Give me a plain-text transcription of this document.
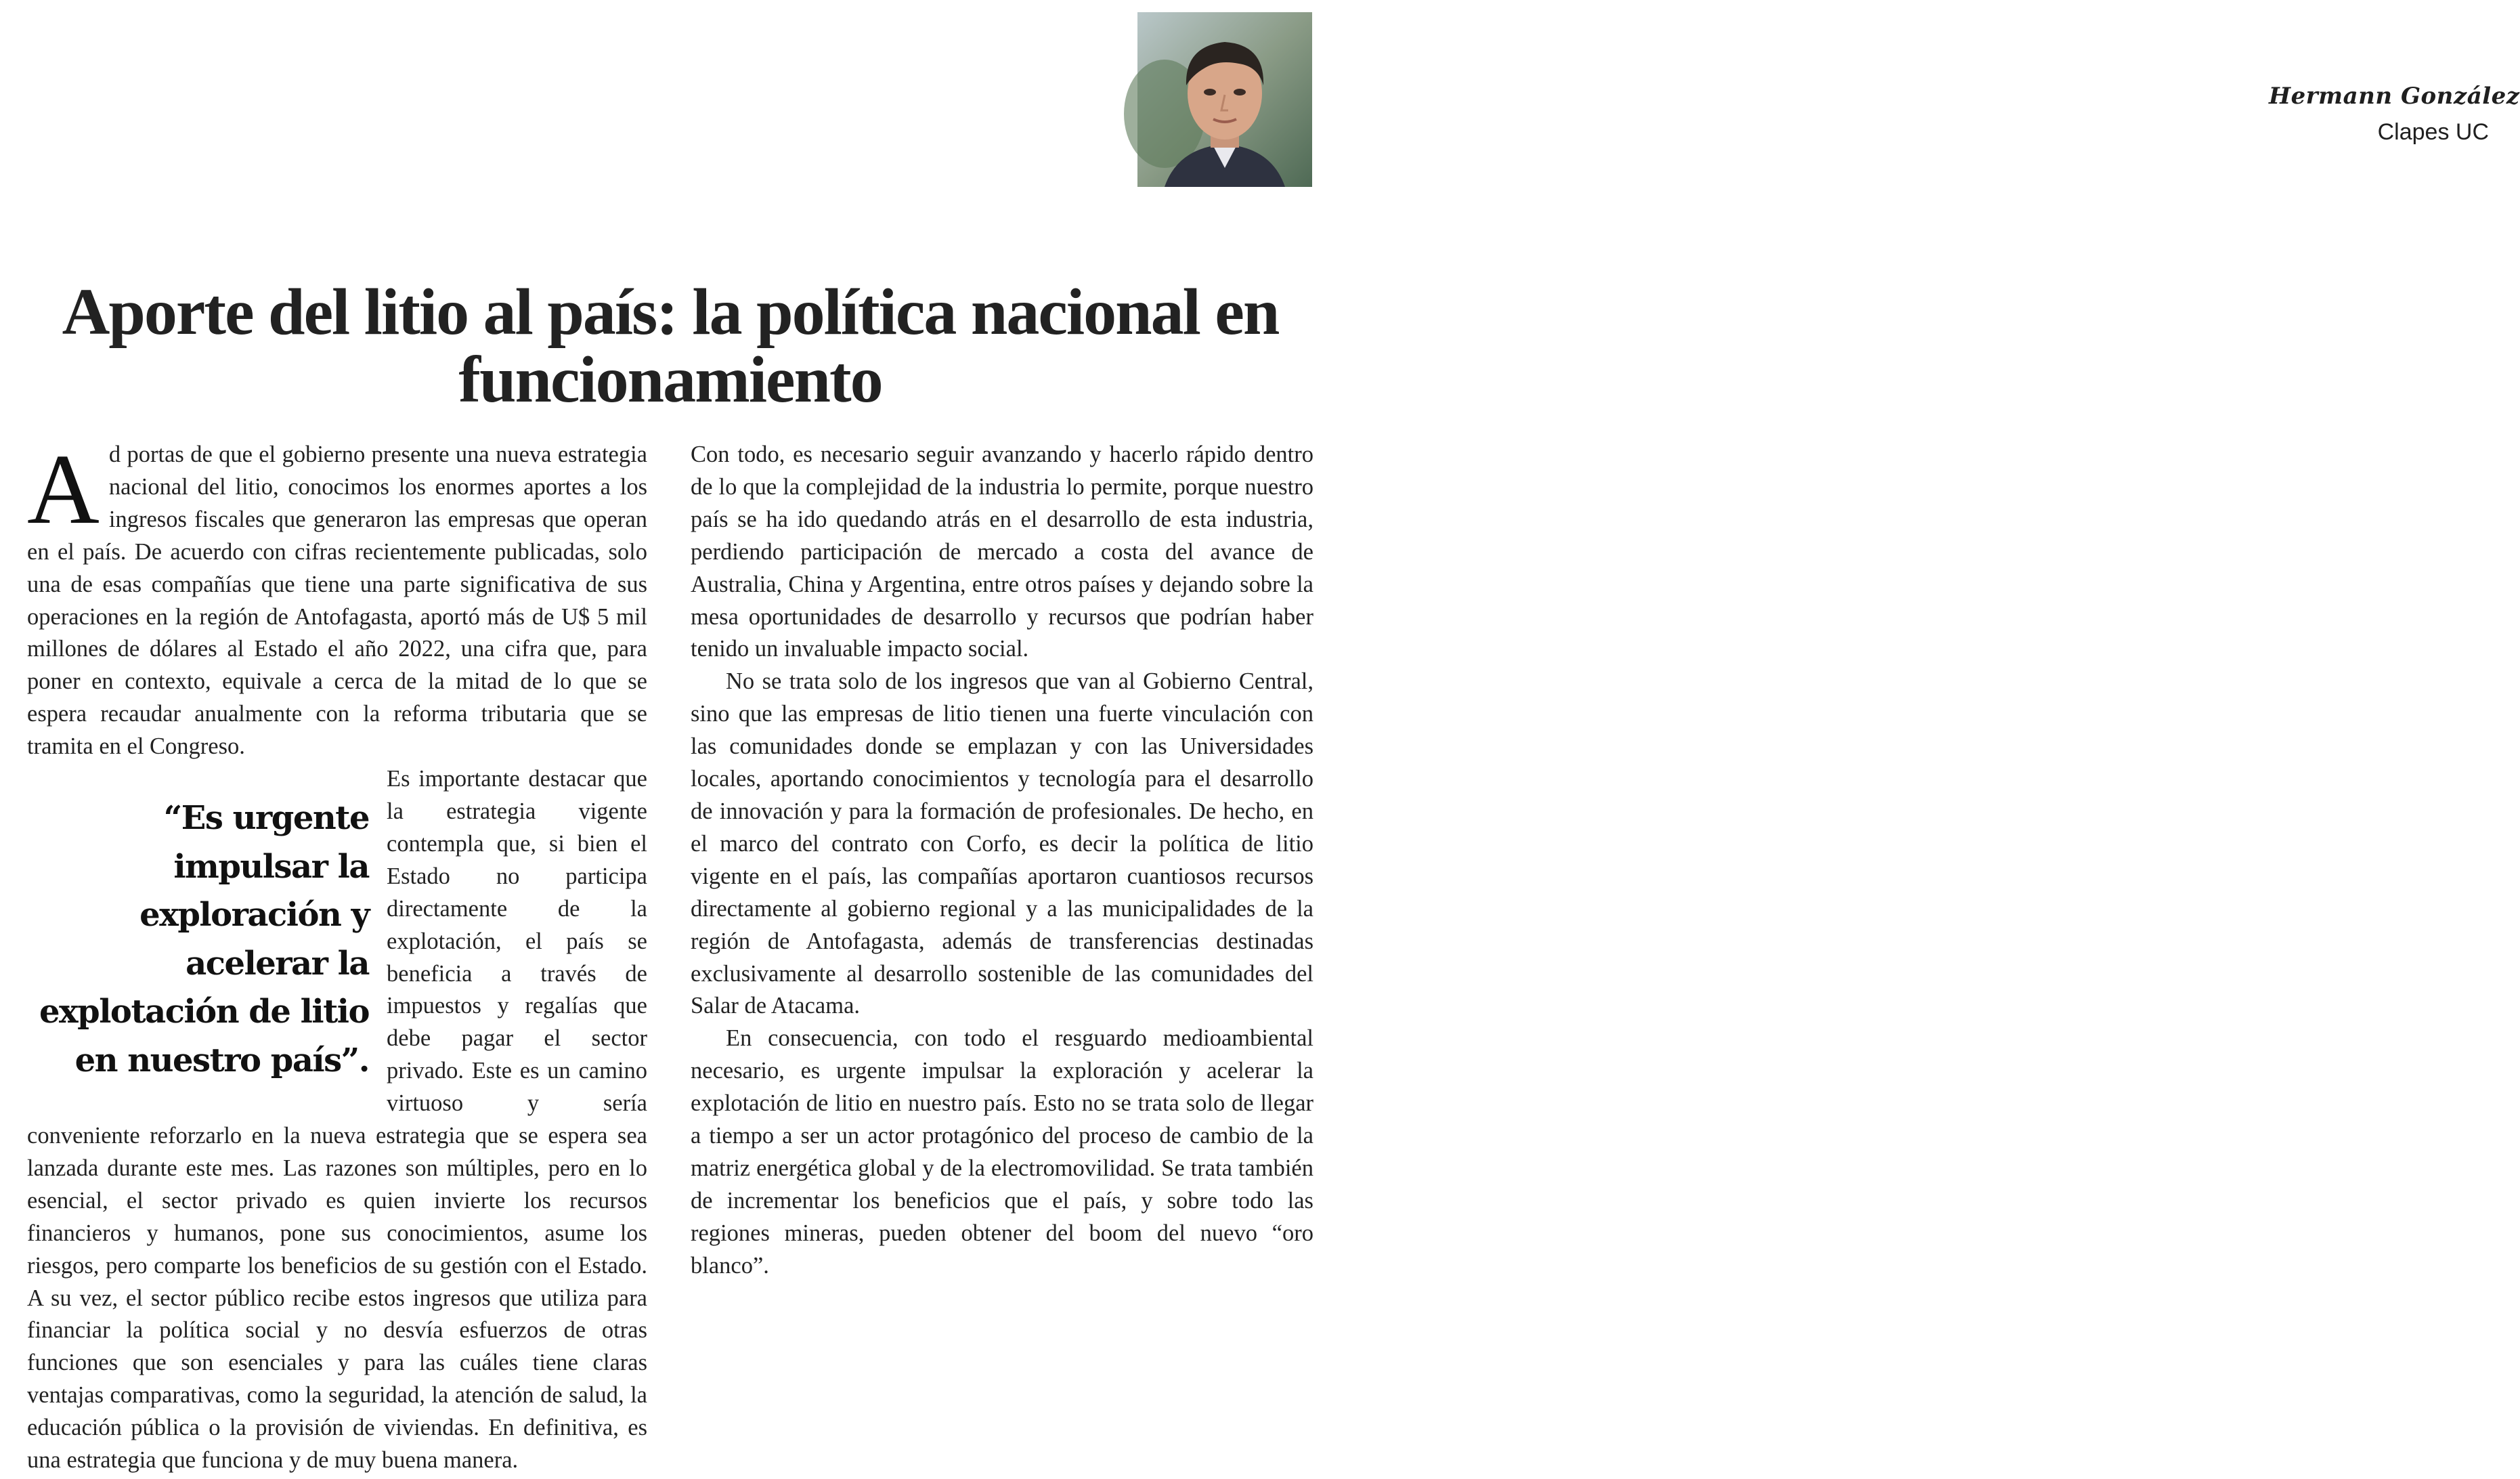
Hermann González
Clapes UC
Aporte del litio al país: la política nacional en funcionamiento

Ad portas de que el gobierno presente una nueva estrategia nacional del litio, conocimos los enormes aportes a los ingresos fiscales que generaron las empresas que operan en el país. De acuerdo con cifras recientemente publicadas, solo una de esas compañías que tiene una parte significativa de sus operaciones en la región de Antofagasta, aportó más de U$ 5 mil millones de dólares al Estado el año 2022, una cifra que, para poner en contexto, equivale a cerca de la mitad de lo que se espera recaudar anualmente con la reforma tributaria que se tramita en el Congreso.

“Es urgente impulsar la exploración y acelerar la explotación de litio en nuestro país”.

Es importante destacar que la estrategia vigente contempla que, si bien el Estado no participa directamente de la explotación, el país se beneficia a través de impuestos y regalías que debe pagar el sector privado. Este es un camino virtuoso y sería conveniente reforzarlo en la nueva estrategia que se espera sea lanzada durante este mes. Las razones son múltiples, pero en lo esencial, el sector privado es quien invierte los recursos financieros y humanos, pone sus conocimientos, asume los riesgos, pero comparte los beneficios de su gestión con el Estado. A su vez, el sector público recibe estos ingresos que utiliza para financiar la política social y no desvía esfuerzos de otras funciones que son esenciales y para las cuáles tiene claras ventajas comparativas, como la seguridad, la atención de salud, la educación pública o la provisión de viviendas. En definitiva, es una estrategia que funciona y de muy buena manera.

Con todo, es necesario seguir avanzando y hacerlo rápido dentro de lo que la complejidad de la industria lo permite, porque nuestro país se ha ido quedando atrás en el desarrollo de esta industria, perdiendo participación de mercado a costa del avance de Australia, China y Argentina, entre otros países y dejando sobre la mesa oportunidades de desarrollo y recursos que podrían haber tenido un invaluable impacto social.

No se trata solo de los ingresos que van al Gobierno Central, sino que las empresas de litio tienen una fuerte vinculación con las comunidades donde se emplazan y con las Universidades locales, aportando conocimientos y tecnología para el desarrollo de innovación y para la formación de profesionales. De hecho, en el marco del contrato con Corfo, es decir la política de litio vigente en el país, las compañías aportaron cuantiosos recursos directamente al gobierno regional y a las municipalidades de la región de Antofagasta, además de transferencias destinadas exclusivamente al desarrollo sostenible de las comunidades del Salar de Atacama.

En consecuencia, con todo el resguardo medioambiental necesario, es urgente impulsar la exploración y acelerar la explotación de litio en nuestro país. Esto no se trata solo de llegar a tiempo a ser un actor protagónico del proceso de cambio de la matriz energética global y de la electromovilidad. Se trata también de incrementar los beneficios que el país, y sobre todo las regiones mineras, pueden obtener del boom del nuevo “oro blanco”.
